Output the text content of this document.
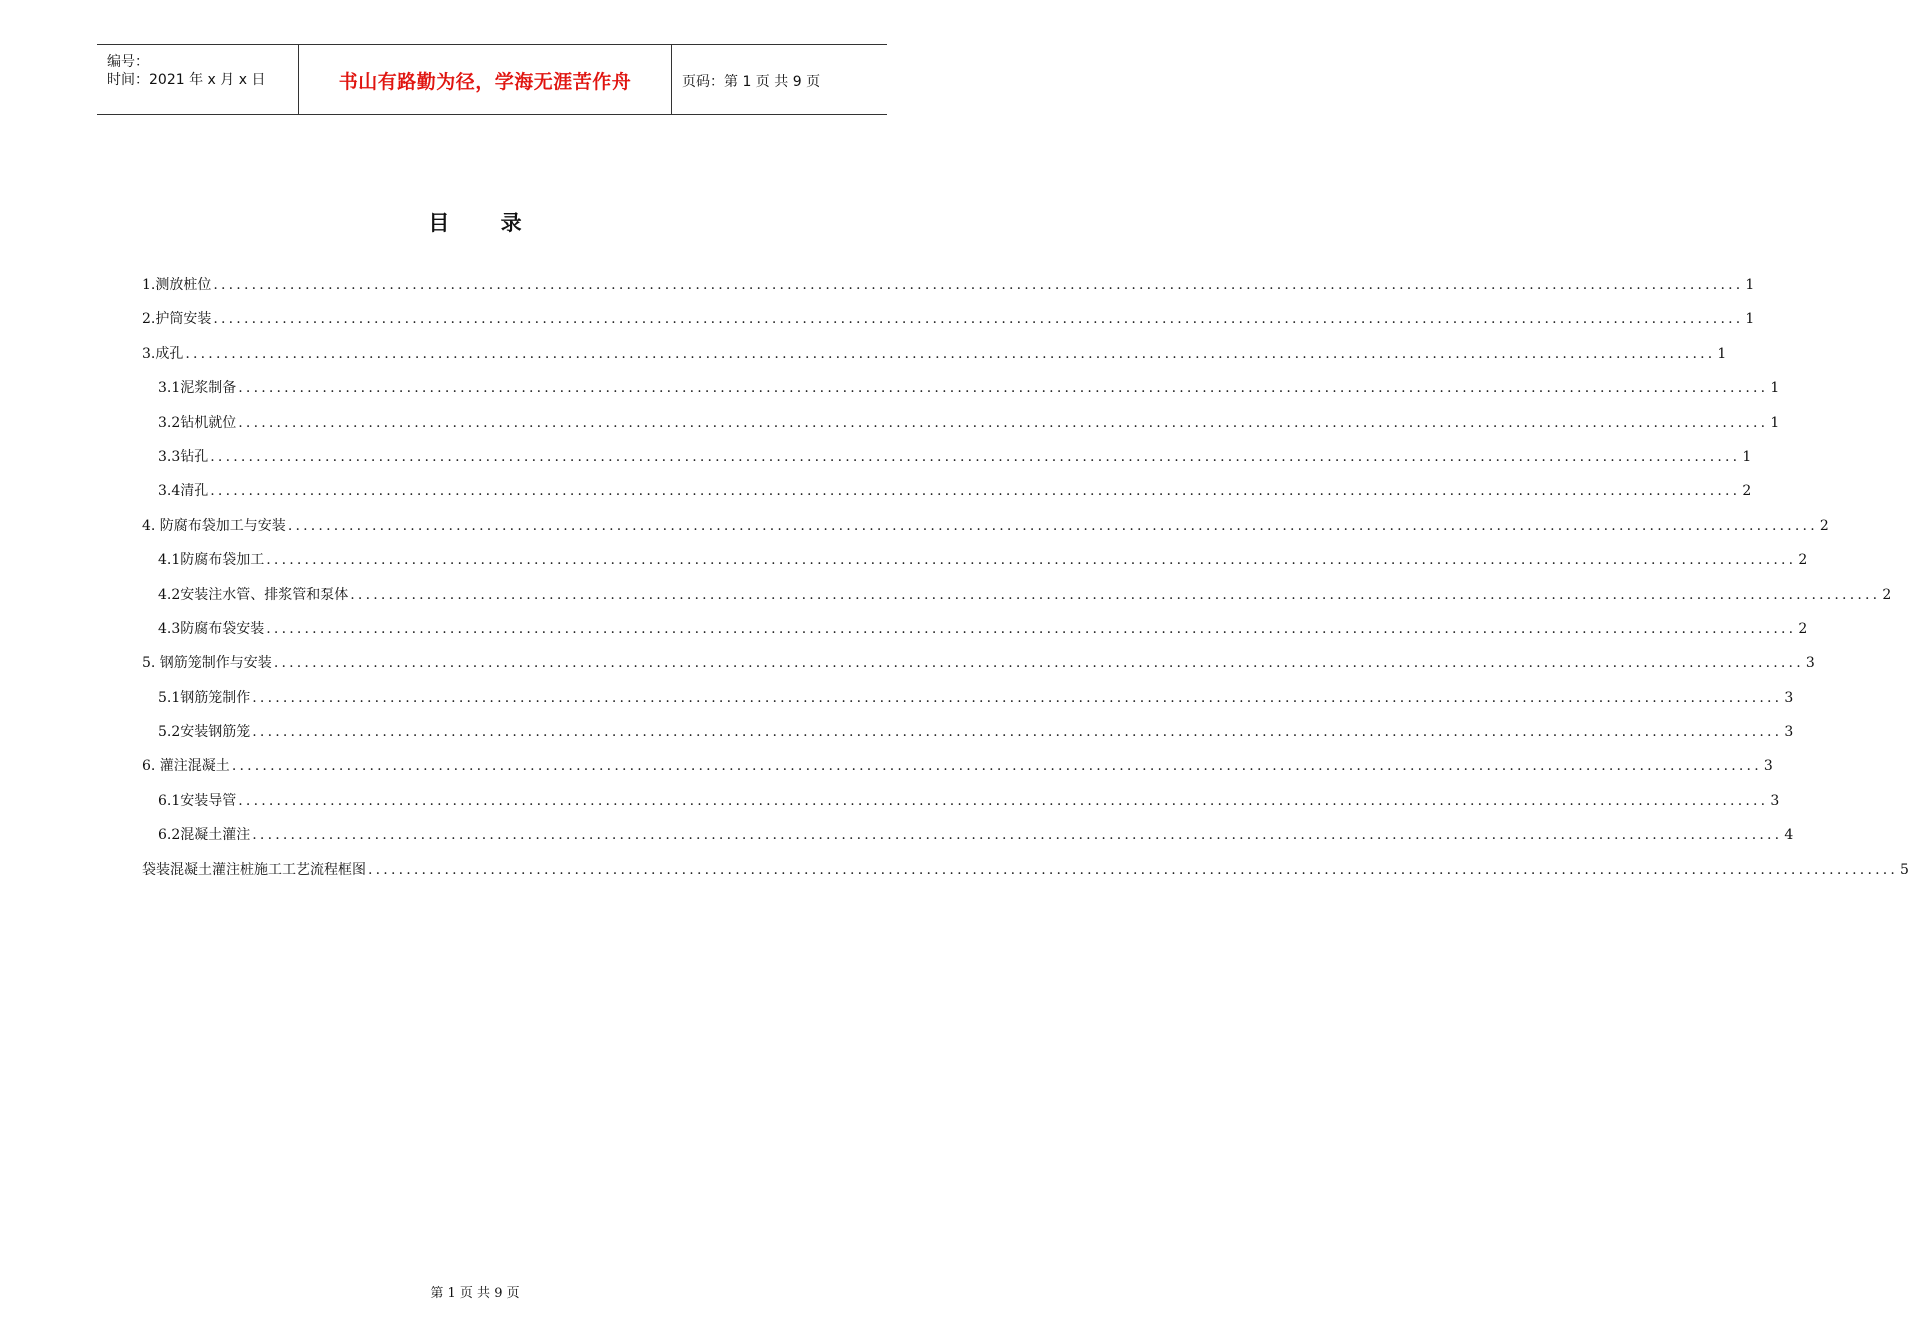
编号：
时间：2021 年 x 月 x 日	书山有路勤为径，学海无涯苦作舟	页码：第 1 页 共 9 页
目 录
1.测放桩位 ........................................................................................................................................................................................................ 1
2.护筒安装 ........................................................................................................................................................................................................ 1
3.成孔 ........................................................................................................................................................................................................ 1
3.1泥浆制备 ........................................................................................................................................................................................................ 1
3.2钻机就位 ........................................................................................................................................................................................................ 1
3.3钻孔 ........................................................................................................................................................................................................ 1
3.4清孔 ........................................................................................................................................................................................................ 2
4. 防腐布袋加工与安装 ........................................................................................................................................................................................................ 2
4.1防腐布袋加工 ........................................................................................................................................................................................................ 2
4.2安装注水管、排浆管和泵体 ........................................................................................................................................................................................................ 2
4.3防腐布袋安装 ........................................................................................................................................................................................................ 2
5. 钢筋笼制作与安装 ........................................................................................................................................................................................................ 3
5.1钢筋笼制作 ........................................................................................................................................................................................................ 3
5.2安装钢筋笼 ........................................................................................................................................................................................................ 3
6. 灌注混凝土 ........................................................................................................................................................................................................ 3
6.1安装导管 ........................................................................................................................................................................................................ 3
6.2混凝土灌注 ........................................................................................................................................................................................................ 4
袋装混凝土灌注桩施工工艺流程框图 ........................................................................................................................................................................................................ 5
第 1 页 共 9 页
